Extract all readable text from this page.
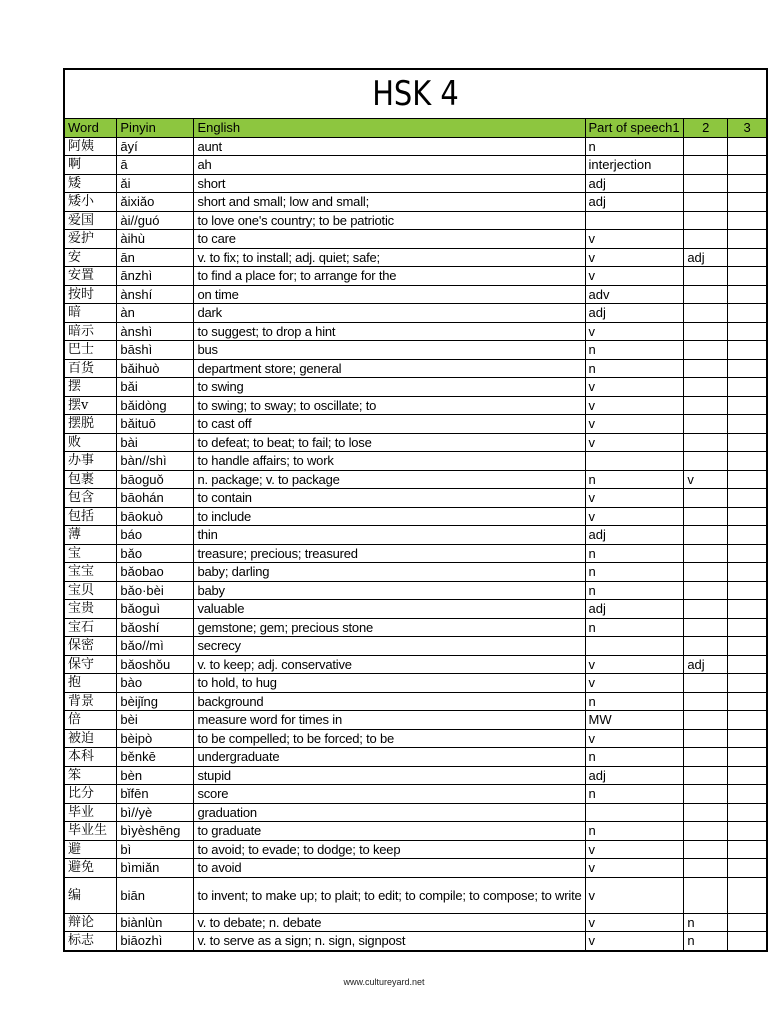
HSK 4					
Word	Pinyin	English	Part of speech1	2	3
阿姨	āyí	aunt	n		
啊	ā	ah	interjection		
矮	ǎi	short	adj		
矮小	ǎixiǎo	short and small; low and small;	adj		
爱国	ài//guó	to love one's country; to be patriotic			
爱护	àihù	to care	v		
安	ān	v. to fix; to install; adj. quiet; safe;	v	adj	
安置	ānzhì	to find a place for; to arrange for the	v		
按时	ànshí	on time	adv		
暗	àn	dark	adj		
暗示	ànshì	to suggest; to drop a hint	v		
巴士	bāshì	bus	n		
百货	bǎihuò	department store; general	n		
摆	bǎi	to swing	v		
摆v	bǎidòng	to swing; to sway; to oscillate; to	v		
摆脱	bǎituō	to cast off	v		
败	bài	to defeat; to beat; to fail; to lose	v		
办事	bàn//shì	to handle affairs; to work			
包裹	bāoguǒ	n. package; v. to package	n	v	
包含	bāohán	to contain	v		
包括	bāokuò	to include	v		
薄	báo	thin	adj		
宝	bǎo	treasure; precious; treasured	n		
宝宝	bǎobao	baby; darling	n		
宝贝	bǎo·bèi	baby	n		
宝贵	bǎoguì	valuable	adj		
宝石	bǎoshí	gemstone; gem; precious stone	n		
保密	bǎo//mì	secrecy			
保守	bǎoshǒu	v. to keep; adj. conservative	v	adj	
抱	bào	to hold, to hug	v		
背景	bèijǐng	background	n		
倍	bèi	measure word for times in	MW		
被迫	bèipò	to be compelled; to be forced; to be	v		
本科	běnkē	undergraduate	n		
笨	bèn	stupid	adj		
比分	bǐfēn	score	n		
毕业	bì//yè	graduation			
毕业生	bìyèshēng	to graduate	n		
避	bì	to avoid; to evade; to dodge; to keep	v		
避免	bìmiǎn	to avoid	v		
编	biān	to invent; to make up; to plait; to edit; to compile; to compose; to write	v		
辩论	biànlùn	v. to debate; n. debate	v	n	
标志	biāozhì	v. to serve as a sign; n. sign, signpost	v	n	
www.cultureyard.net
